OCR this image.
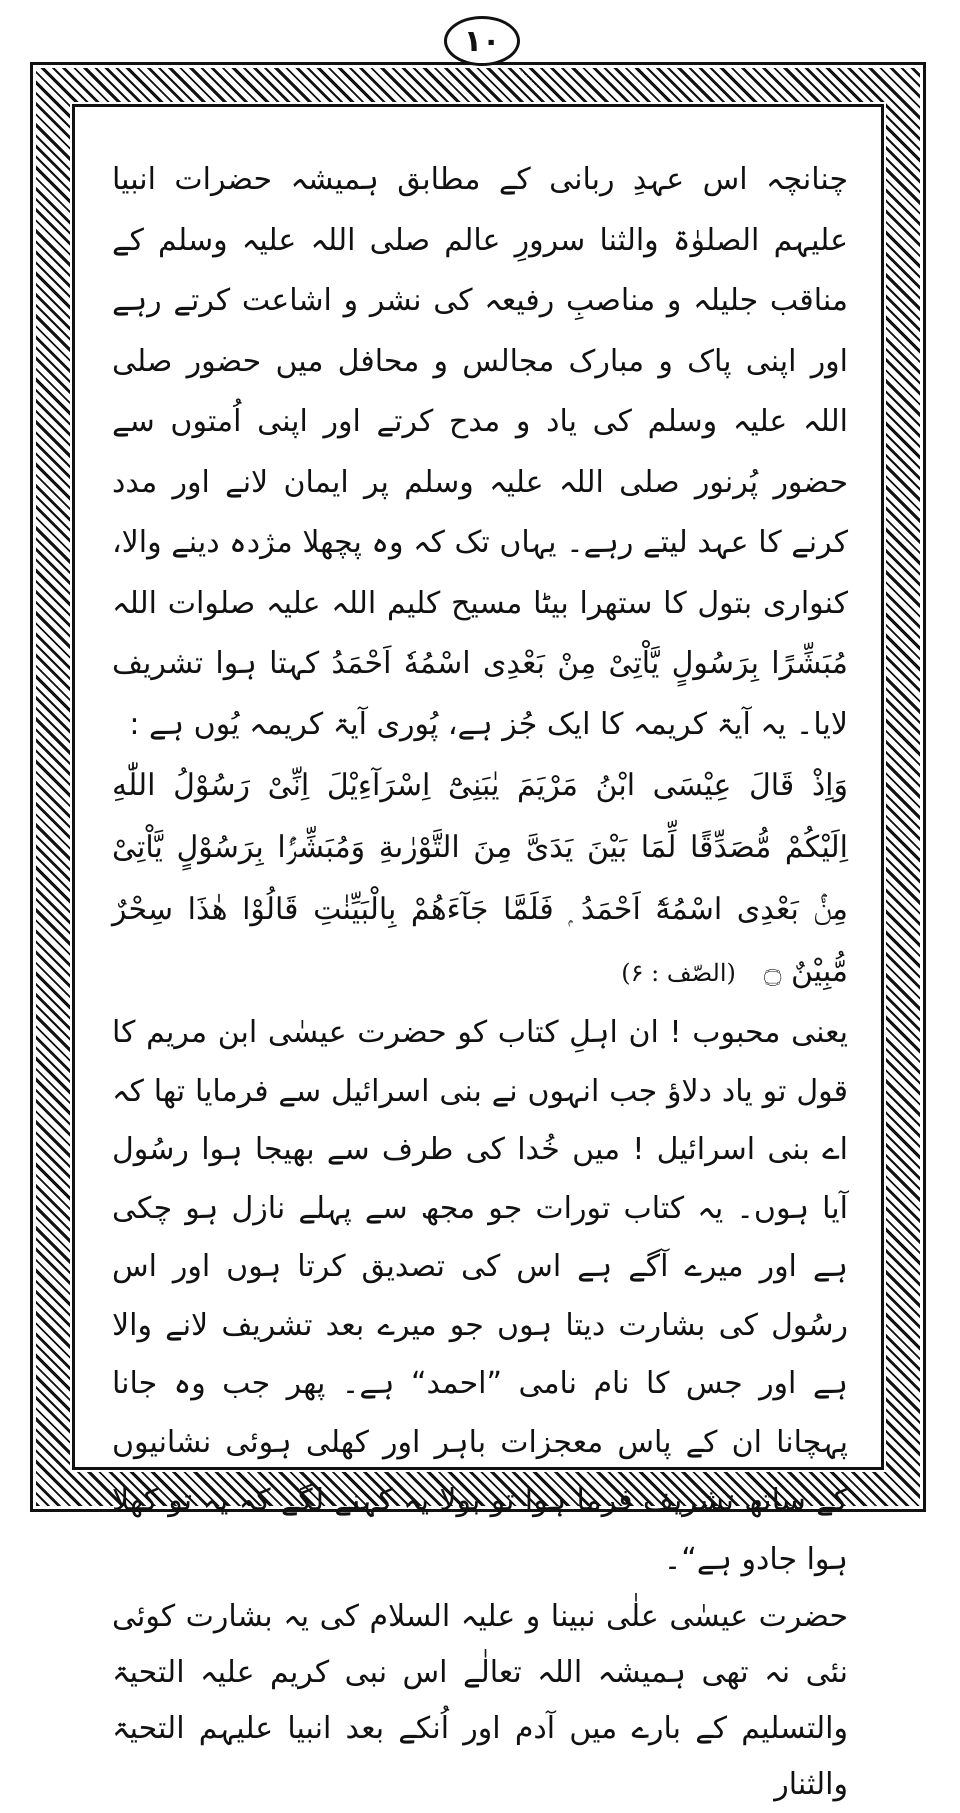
۱۰

چنانچہ اس عہدِ ربانی کے مطابق ہمیشہ حضرات انبیا علیہم الصلوٰۃ والثنا سرورِ عالم صلی اللہ علیہ وسلم کے مناقب جلیلہ و مناصبِ رفیعہ کی نشر و اشاعت کرتے رہے اور اپنی پاک و مبارک مجالس و محافل میں حضور صلی اللہ علیہ وسلم کی یاد و مدح کرتے اور اپنی اُمتوں سے حضور پُرنور صلی اللہ علیہ وسلم پر ایمان لانے اور مدد کرنے کا عہد لیتے رہے۔ یہاں تک کہ وہ پچھلا مژدہ دینے والا، کنواری بتول کا ستھرا بیٹا مسیح کلیم اللہ علیہ صلوات اللہ مُبَشِّرًا بِرَسُولٍ یَّاْتِیْ مِنْ بَعْدِی اسْمُهٗ اَحْمَدُ کہتا ہوا تشریف لایا۔ یہ آیۃ کریمہ کا ایک جُز ہے، پُوری آیۃ کریمہ یُوں ہے :

وَاِذْ قَالَ عِیْسَى ابْنُ مَرْیَمَ یٰبَنِیْٓ اِسْرَآءِیْلَ اِنِّیْ رَسُوْلُ اللّٰهِ اِلَیْكُمْ مُّصَدِّقًا لِّمَا بَیْنَ یَدَیَّ مِنَ التَّوْرٰىةِ وَمُبَشِّرًۢا بِرَسُوْلٍ یَّاْتِیْ مِنْۢ بَعْدِی اسْمُهٗٓ اَحْمَدُ ۭ فَلَمَّا جَآءَهُمْ بِالْبَیِّنٰتِ قَالُوْا هٰذَا سِحْرٌ مُّبِیْنٌ ۝(الصّف : ۶)

یعنی محبوب ! ان اہلِ کتاب کو حضرت عیسٰی ابن مریم کا قول تو یاد دلاؤ جب انہوں نے بنی اسرائیل سے فرمایا تھا کہ اے بنی اسرائیل ! میں خُدا کی طرف سے بھیجا ہوا رسُول آیا ہوں۔ یہ کتاب تورات جو مجھ سے پہلے نازل ہو چکی ہے اور میرے آگے ہے اس کی تصدیق کرتا ہوں اور اس رسُول کی بشارت دیتا ہوں جو میرے بعد تشریف لانے والا ہے اور جس کا نام نامی ”احمد“ ہے۔ پھر جب وہ جانا پہچانا ان کے پاس معجزات باہر اور کھلی ہوئی نشانیوں کے ساتھ تشریف فرما ہوا تو بولا یہ کہنے لگے کہ یہ تو کھلا ہوا جادو ہے“۔

حضرت عیسٰی علٰی نبینا و علیہ السلام کی یہ بشارت کوئی نئی نہ تھی ہمیشہ اللہ تعالٰے اس نبی کریم علیہ التحیۃ والتسلیم کے بارے میں آدم اور اُنکے بعد انبیا علیہم التحیۃ والثنار
